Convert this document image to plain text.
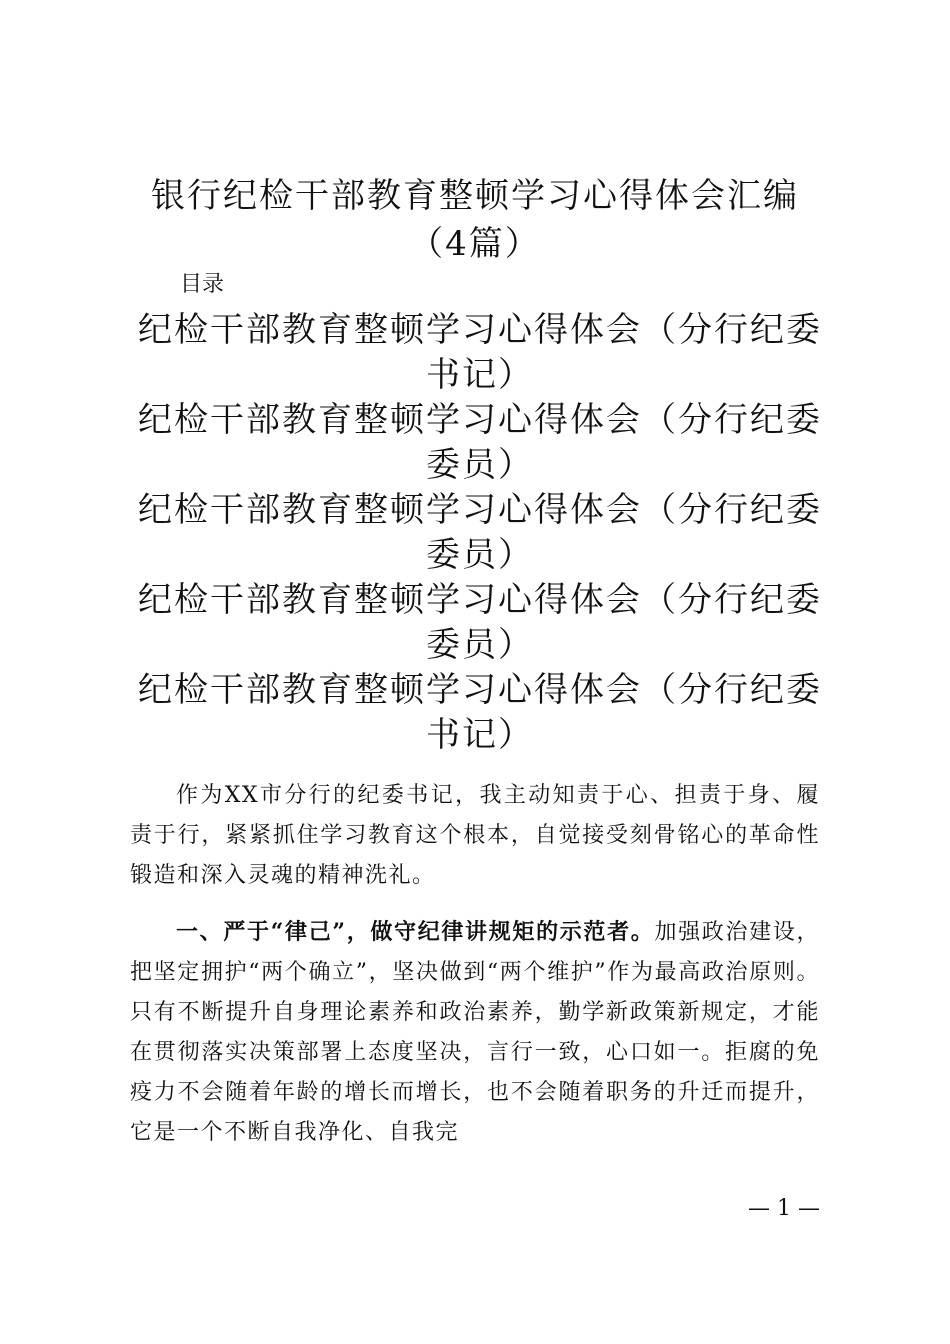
银行纪检干部教育整顿学习心得体会汇编（4篇）

目录

纪检干部教育整顿学习心得体会（分行纪委书记）
纪检干部教育整顿学习心得体会（分行纪委委员）
纪检干部教育整顿学习心得体会（分行纪委委员）
纪检干部教育整顿学习心得体会（分行纪委委员）
纪检干部教育整顿学习心得体会（分行纪委书记）

作为XX市分行的纪委书记，我主动知责于心、担责于身、履责于行，紧紧抓住学习教育这个根本，自觉接受刻骨铭心的革命性锻造和深入灵魂的精神洗礼。

一、严于“律己”，做守纪律讲规矩的示范者。加强政治建设，把坚定拥护“两个确立”，坚决做到“两个维护”作为最高政治原则。只有不断提升自身理论素养和政治素养，勤学新政策新规定，才能在贯彻落实决策部署上态度坚决，言行一致，心口如一。拒腐的免疫力不会随着年龄的增长而增长，也不会随着职务的升迁而提升，它是一个不断自我净化、自我完

— 1 —
